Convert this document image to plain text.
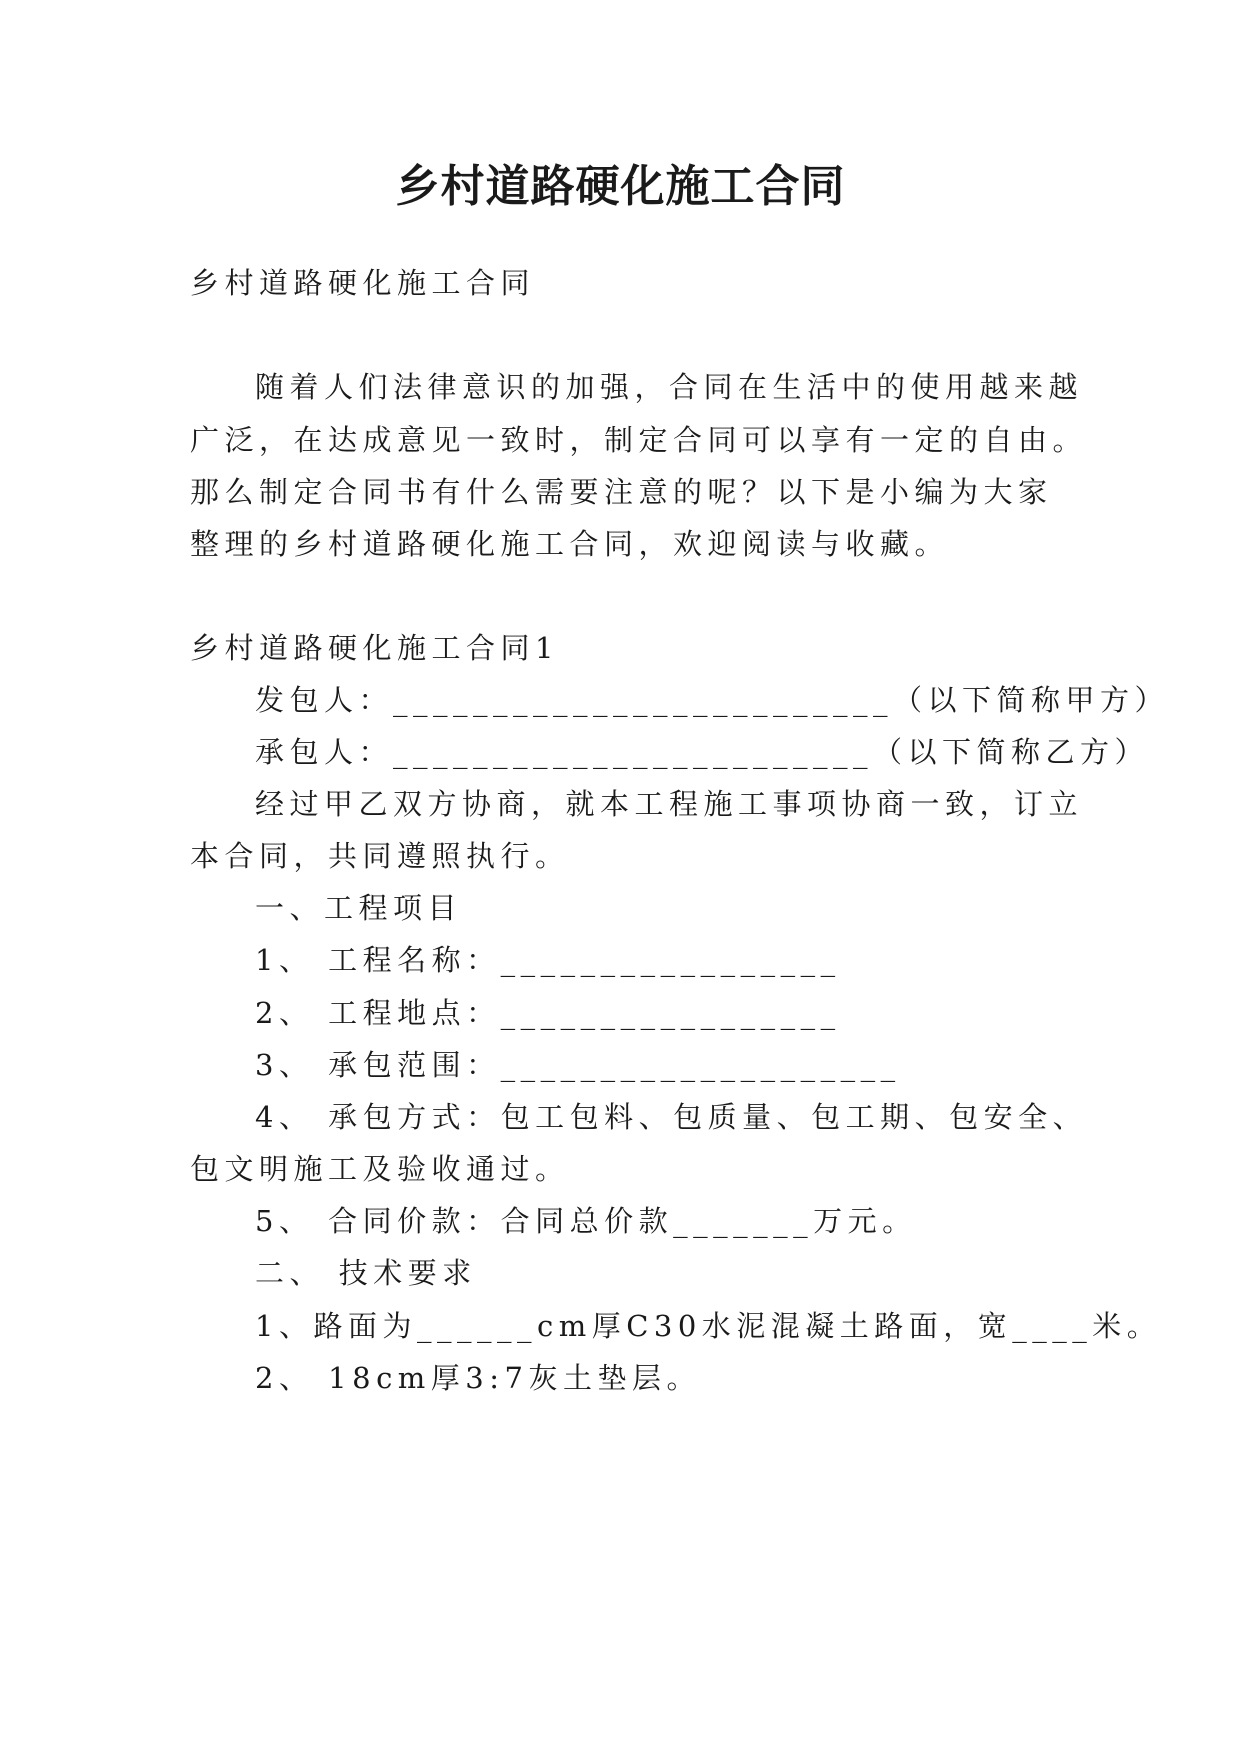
乡村道路硬化施工合同
乡村道路硬化施工合同
随着人们法律意识的加强，合同在生活中的使用越来越
广泛，在达成意见一致时，制定合同可以享有一定的自由。
那么制定合同书有什么需要注意的呢？以下是小编为大家
整理的乡村道路硬化施工合同，欢迎阅读与收藏。
乡村道路硬化施工合同1
发包人：_________________________（以下简称甲方）
承包人：________________________（以下简称乙方）
经过甲乙双方协商，就本工程施工事项协商一致，订立
本合同，共同遵照执行。
一、工程项目
1、 工程名称：_________________
2、 工程地点：_________________
3、 承包范围：____________________
4、 承包方式：包工包料、包质量、包工期、包安全、
包文明施工及验收通过。
5、 合同价款：合同总价款_______万元。
二、 技术要求
1、路面为______cm厚C30水泥混凝土路面，宽____米。
2、 18cm厚3:7灰土垫层。
